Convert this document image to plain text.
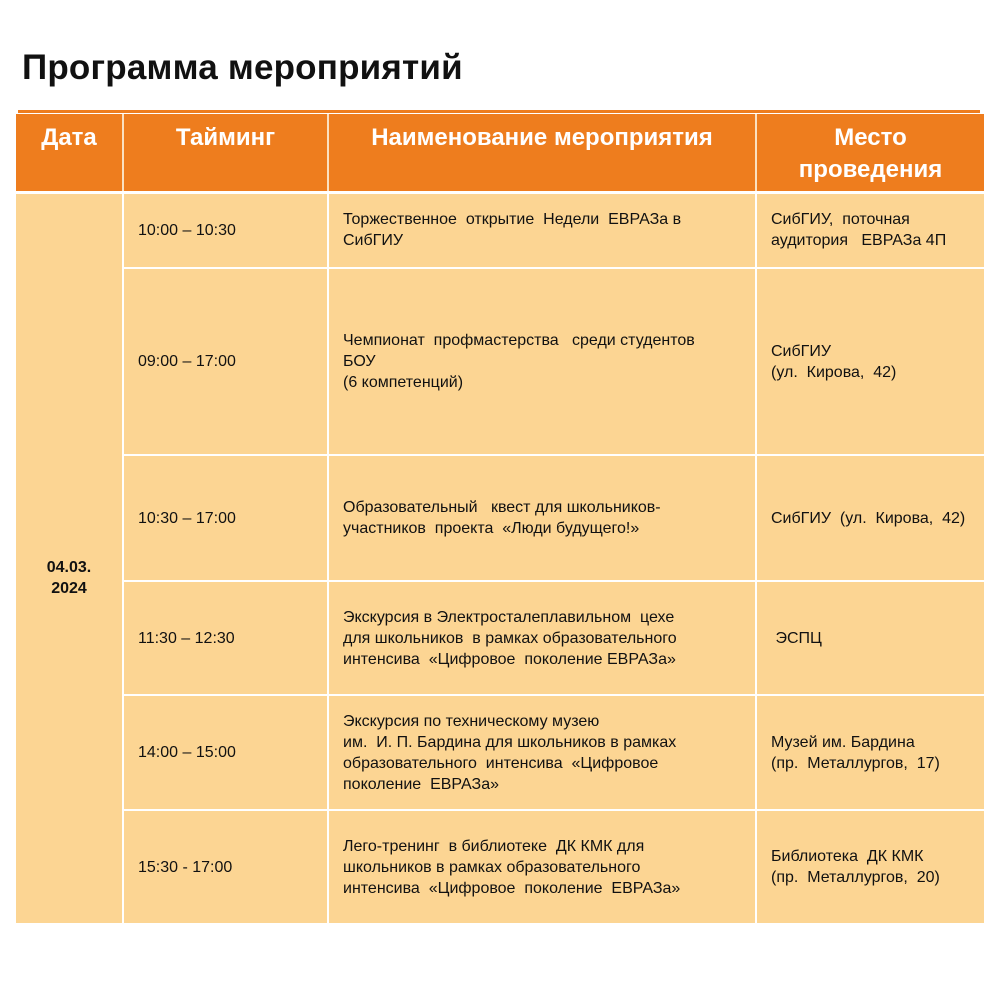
Программа мероприятий
Дата	Тайминг	Наименование мероприятия	Место
проведения

04.03.
2024	10:00 – 10:30	Торжественное  открытие  Недели  ЕВРАЗа в
СибГИУ	СибГИУ,  поточная
аудитория   ЕВРАЗа 4П

	09:00 – 17:00	Чемпионат  профмастерства   среди студентов
БОУ
(6 компетенций)	СибГИУ
(ул.  Кирова,  42)

	10:30 – 17:00	Образовательный   квест для школьников-
участников  проекта  «Люди будущего!»	СибГИУ  (ул.  Кирова,  42)

	11:30 – 12:30	Экскурсия в Электросталеплавильном  цехе
для школьников  в рамках образовательного
интенсива  «Цифровое  поколение ЕВРАЗа»	ЭСПЦ

	14:00 – 15:00	Экскурсия по техническому музею
им.  И. П. Бардина для школьников в рамках
образовательного  интенсива  «Цифровое
поколение  ЕВРАЗа»	Музей им. Бардина
(пр.  Металлургов,  17)

	15:30 - 17:00	Лего-тренинг  в библиотеке  ДК КМК для
школьников в рамках образовательного
интенсива  «Цифровое  поколение  ЕВРАЗа»	Библиотека  ДК КМК
(пр.  Металлургов,  20)
